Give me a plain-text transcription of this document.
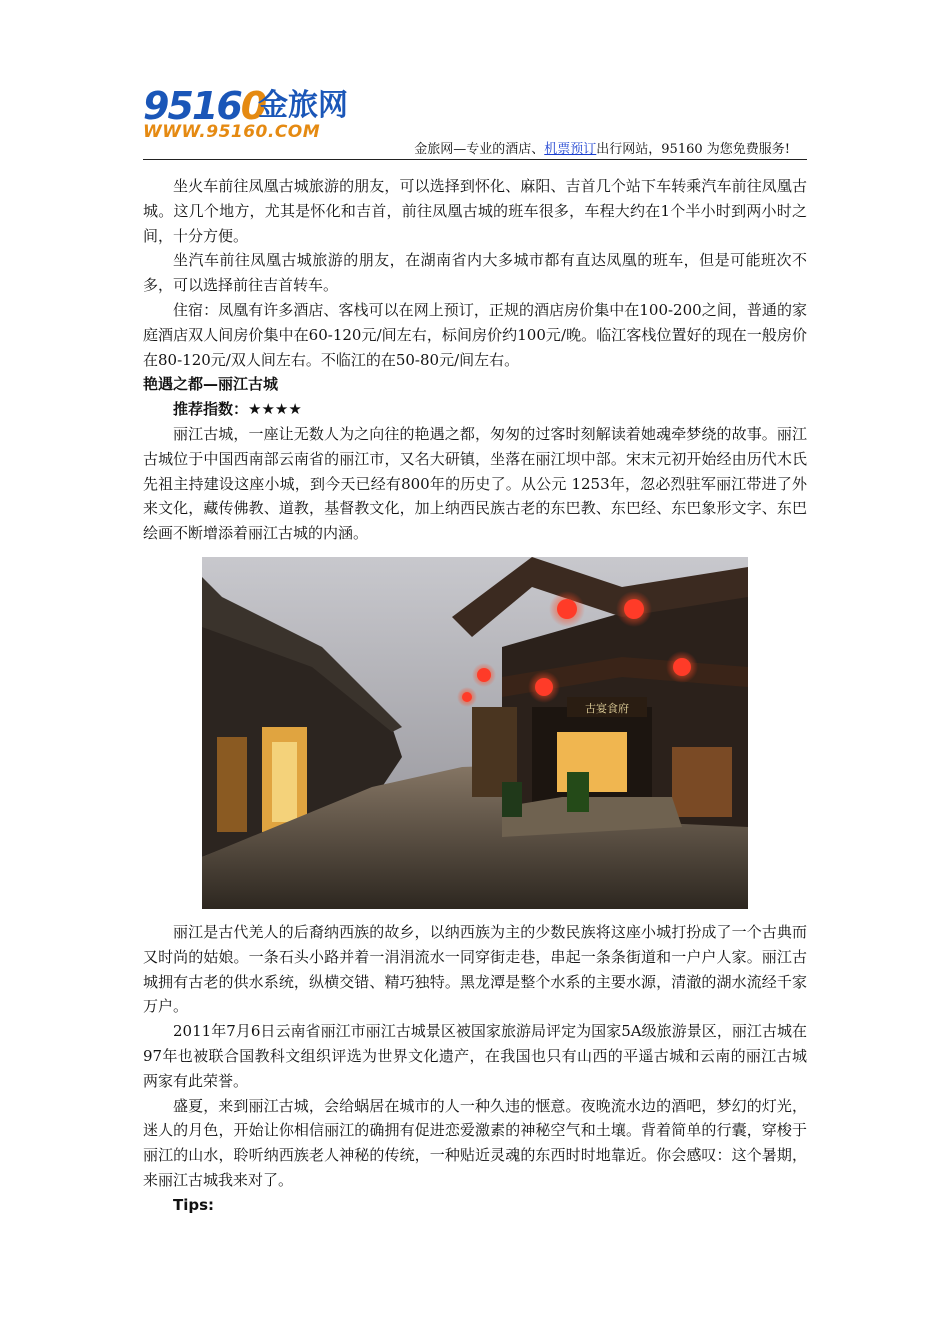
95160
金旅网
WWW.95160.COM
金旅网—专业的酒店、机票预订出行网站，95160 为您免费服务!

坐火车前往凤凰古城旅游的朋友，可以选择到怀化、麻阳、吉首几个站下车转乘汽车前往凤凰古城。这几个地方，尤其是怀化和吉首，前往凤凰古城的班车很多，车程大约在1个半小时到两小时之间，十分方便。

坐汽车前往凤凰古城旅游的朋友，在湖南省内大多城市都有直达凤凰的班车，但是可能班次不多，可以选择前往吉首转车。

住宿：凤凰有许多酒店、客栈可以在网上预订，正规的酒店房价集中在100-200之间，普通的家庭酒店双人间房价集中在60-120元/间左右，标间房价约100元/晚。临江客栈位置好的现在一般房价在80-120元/双人间左右。不临江的在50-80元/间左右。

艳遇之都—丽江古城

推荐指数：★★★★

丽江古城，一座让无数人为之向往的艳遇之都，匆匆的过客时刻解读着她魂牵梦绕的故事。丽江古城位于中国西南部云南省的丽江市，又名大研镇，坐落在丽江坝中部。宋末元初开始经由历代木氏先祖主持建设这座小城，到今天已经有800年的历史了。从公元 1253年，忽必烈驻军丽江带进了外来文化，藏传佛教、道教，基督教文化，加上纳西民族古老的东巴教、东巴经、东巴象形文字、东巴绘画不断增添着丽江古城的内涵。

古宴食府

丽江是古代羌人的后裔纳西族的故乡，以纳西族为主的少数民族将这座小城打扮成了一个古典而又时尚的姑娘。一条石头小路并着一涓涓流水一同穿街走巷，串起一条条街道和一户户人家。丽江古城拥有古老的供水系统，纵横交错、精巧独特。黑龙潭是整个水系的主要水源，清澈的湖水流经千家万户。

2011年7月6日云南省丽江市丽江古城景区被国家旅游局评定为国家5A级旅游景区，丽江古城在97年也被联合国教科文组织评选为世界文化遗产，在我国也只有山西的平遥古城和云南的丽江古城两家有此荣誉。

盛夏，来到丽江古城，会给蜗居在城市的人一种久违的惬意。夜晚流水边的酒吧，梦幻的灯光，迷人的月色，开始让你相信丽江的确拥有促进恋爱激素的神秘空气和土壤。背着简单的行囊，穿梭于丽江的山水，聆听纳西族老人神秘的传统，一种贴近灵魂的东西时时地靠近。你会感叹：这个暑期，来丽江古城我来对了。

Tips:
